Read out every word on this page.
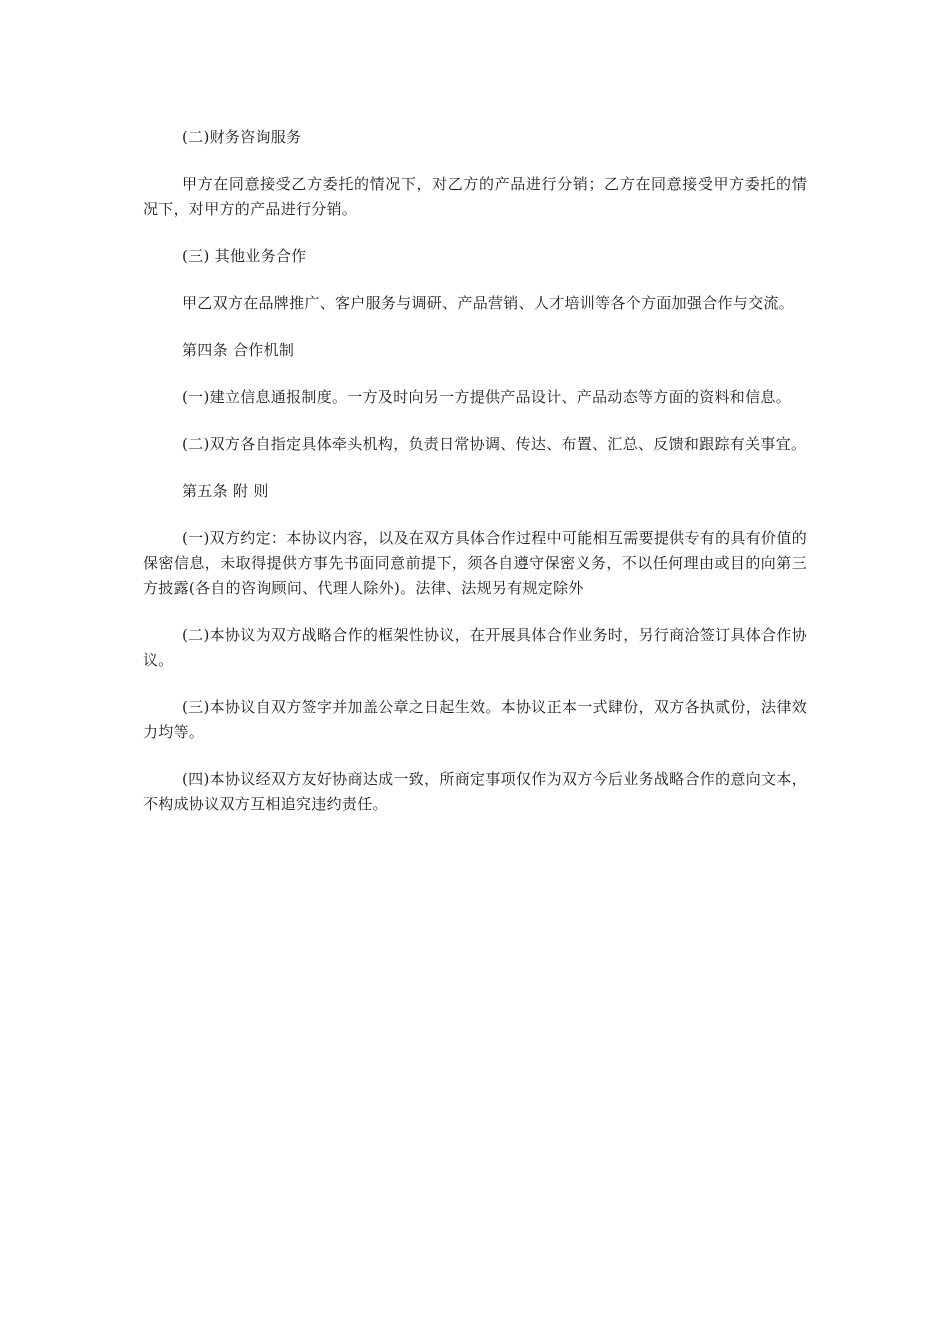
(二)财务咨询服务

甲方在同意接受乙方委托的情况下，对乙方的产品进行分销；乙方在同意接受甲方委托的情况下，对甲方的产品进行分销。

(三) 其他业务合作

甲乙双方在品牌推广、客户服务与调研、产品营销、人才培训等各个方面加强合作与交流。

第四条 合作机制

(一)建立信息通报制度。一方及时向另一方提供产品设计、产品动态等方面的资料和信息。

(二)双方各自指定具体牵头机构，负责日常协调、传达、布置、汇总、反馈和跟踪有关事宜。

第五条 附 则

(一)双方约定：本协议内容，以及在双方具体合作过程中可能相互需要提供专有的具有价值的保密信息，未取得提供方事先书面同意前提下，须各自遵守保密义务，不以任何理由或目的向第三方披露(各自的咨询顾问、代理人除外)。法律、法规另有规定除外

(二)本协议为双方战略合作的框架性协议，在开展具体合作业务时，另行商洽签订具体合作协议。

(三)本协议自双方签字并加盖公章之日起生效。本协议正本一式肆份，双方各执贰份，法律效力均等。

(四)本协议经双方友好协商达成一致，所商定事项仅作为双方今后业务战略合作的意向文本，不构成协议双方互相追究违约责任。
